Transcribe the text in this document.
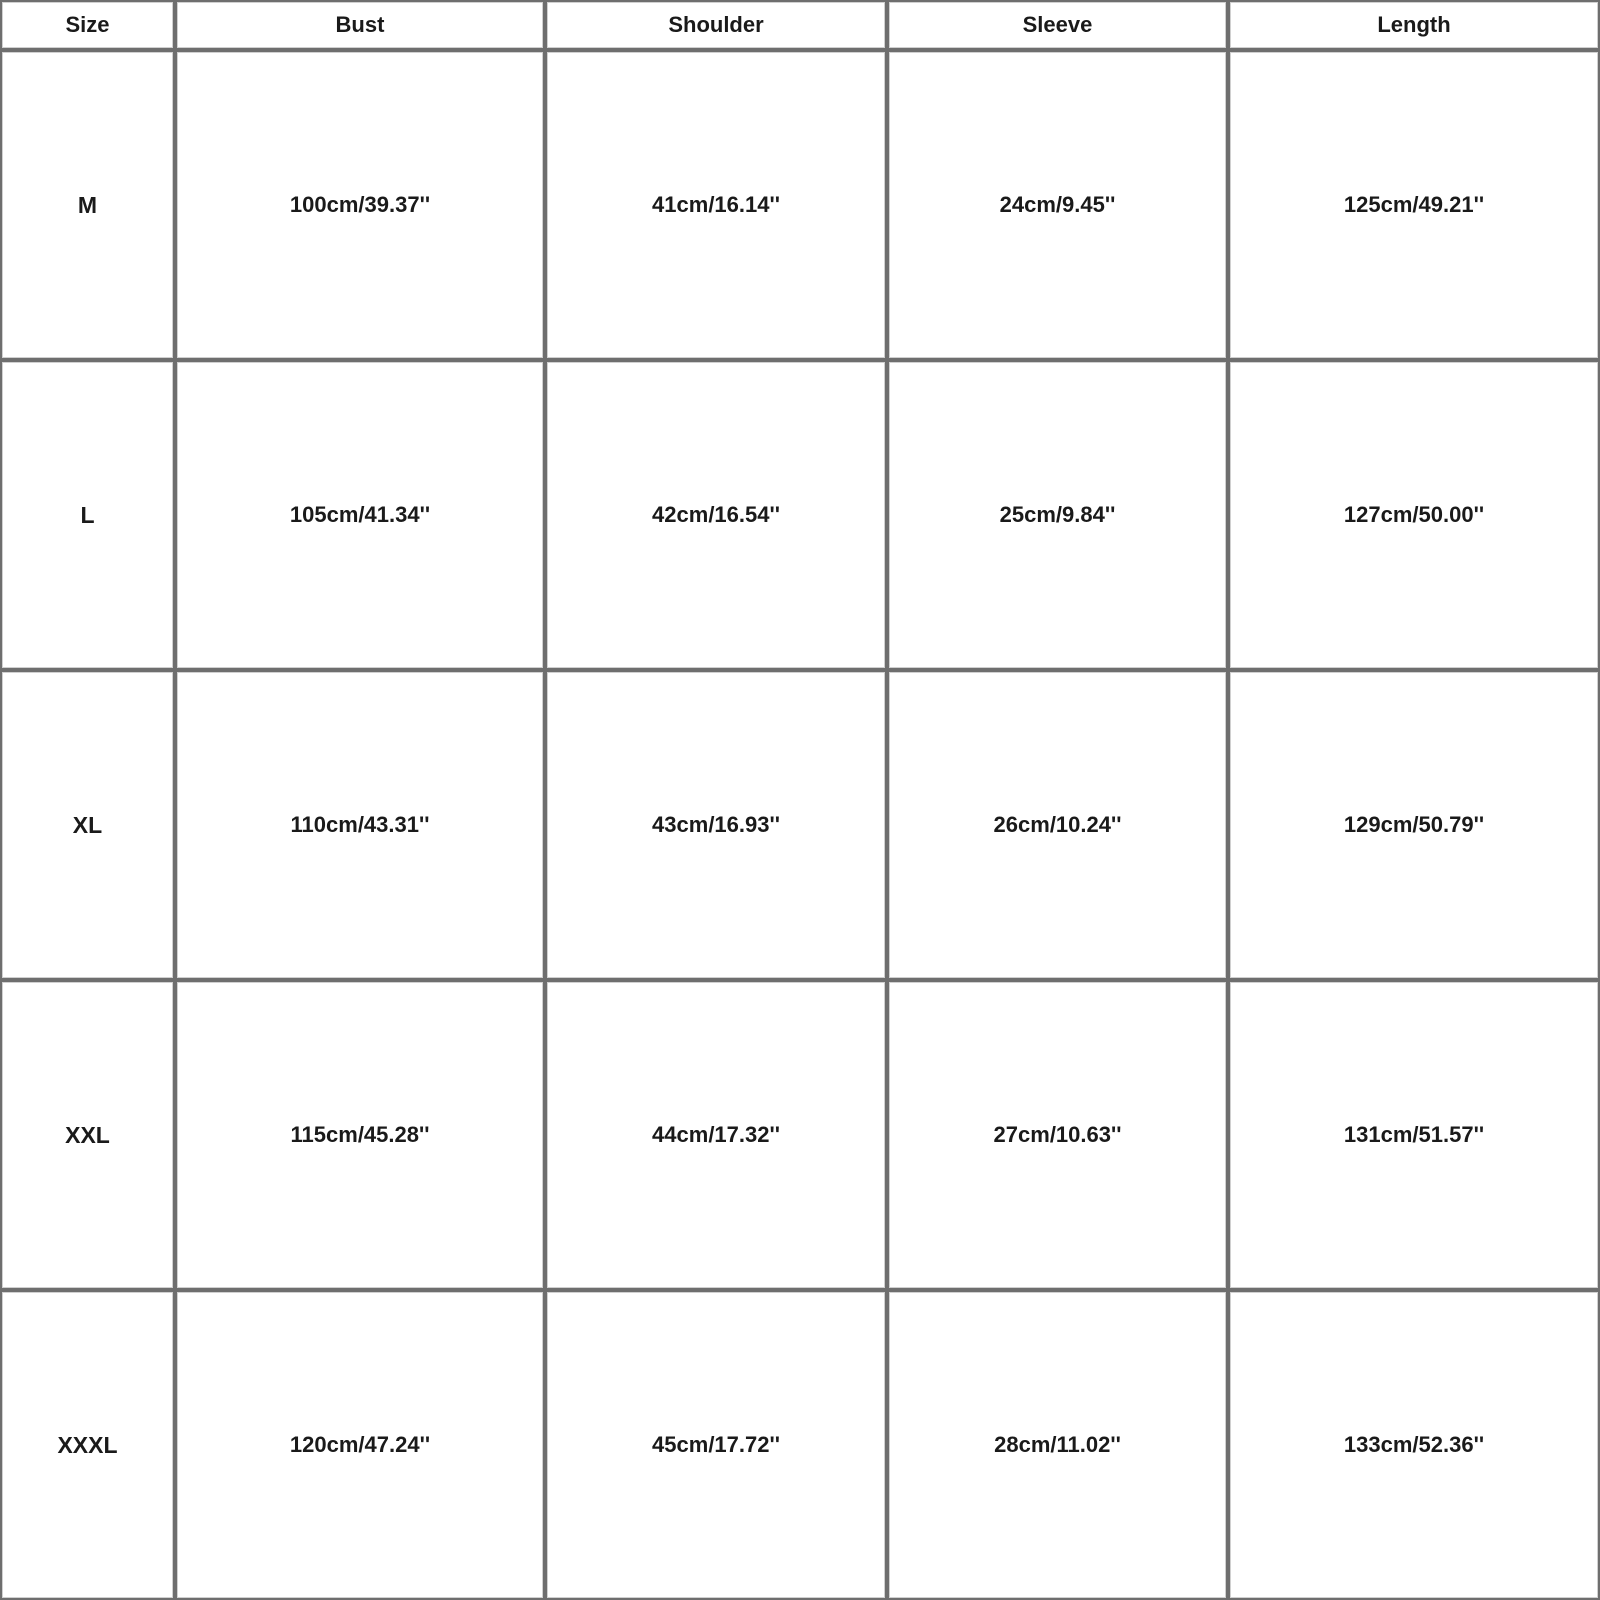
Size	Bust	Shoulder	Sleeve	Length
M	100cm/39.37''	41cm/16.14''	24cm/9.45''	125cm/49.21''
L	105cm/41.34''	42cm/16.54''	25cm/9.84''	127cm/50.00''
XL	110cm/43.31''	43cm/16.93''	26cm/10.24''	129cm/50.79''
XXL	115cm/45.28''	44cm/17.32''	27cm/10.63''	131cm/51.57''
XXXL	120cm/47.24''	45cm/17.72''	28cm/11.02''	133cm/52.36''
